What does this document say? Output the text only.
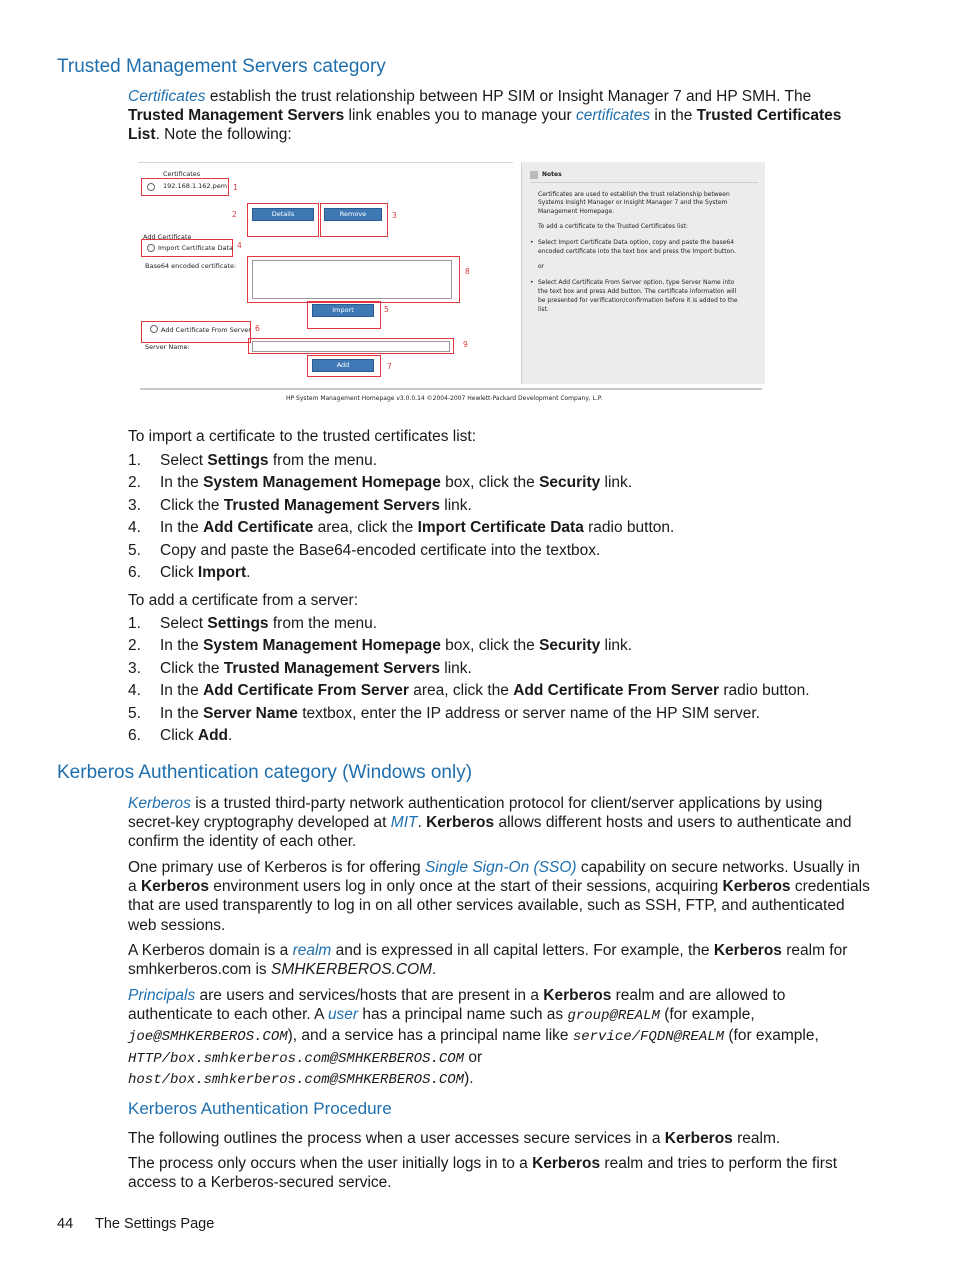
Trusted Management Servers category

Certificates establish the trust relationship between HP SIM or Insight Manager 7 and HP SMH. The Trusted Management Servers link enables you to manage your certificates in the Trusted Certificates List. Note the following:

Certificates
192.168.1.162.pem 1
2	Details	Remove	3
Add Certificate
Import Certificate Data 4
Base64 encoded certificate:
8
Import	5
Add Certificate From Server 6
Server Name:	9
Add	7
Notes
Certificates are used to establish the trust relationship between
Systems Insight Manager or Insight Manager 7 and the System
Management Homepage.
To add a certificate to the Trusted Certificates list:
• Select Import Certificate Data option, copy and paste the base64
encoded certificate into the text box and press the Import button.
or
• Select Add Certificate From Server option, type Server Name into
the text box and press Add button. The certificate information will
be presented for verification/confirmation before it is added to the
list.
HP System Management Homepage v3.0.0.14 ©2004-2007 Hewlett-Packard Development Company, L.P.

To import a certificate to the trusted certificates list:

1. Select Settings from the menu.
2. In the System Management Homepage box, click the Security link.
3. Click the Trusted Management Servers link.
4. In the Add Certificate area, click the Import Certificate Data radio button.
5. Copy and paste the Base64-encoded certificate into the textbox.
6. Click Import.

To add a certificate from a server:

1. Select Settings from the menu.
2. In the System Management Homepage box, click the Security link.
3. Click the Trusted Management Servers link.
4. In the Add Certificate From Server area, click the Add Certificate From Server radio button.
5. In the Server Name textbox, enter the IP address or server name of the HP SIM server.
6. Click Add.
Kerberos Authentication category (Windows only)

Kerberos is a trusted third-party network authentication protocol for client/server applications by using secret-key cryptography developed at MIT. Kerberos allows different hosts and users to authenticate and confirm the identity of each other.

One primary use of Kerberos is for offering Single Sign-On (SSO) capability on secure networks. Usually in a Kerberos environment users log in only once at the start of their sessions, acquiring Kerberos credentials that are used transparently to log in on all other services available, such as SSH, FTP, and authenticated web sessions.

A Kerberos domain is a realm and is expressed in all capital letters. For example, the Kerberos realm for smhkerberos.com is SMHKERBEROS.COM.

Principals are users and services/hosts that are present in a Kerberos realm and are allowed to authenticate to each other. A user has a principal name such as group@REALM (for example, joe@SMHKERBEROS.COM), and a service has a principal name like service/FQDN@REALM (for example,
HTTP/box.smhkerberos.com@SMHKERBEROS.COM or
host/box.smhkerberos.com@SMHKERBEROS.COM).

Kerberos Authentication Procedure

The following outlines the process when a user accesses secure services in a Kerberos realm.

The process only occurs when the user initially logs in to a Kerberos realm and tries to perform the first access to a Kerberos-secured service.

44 The Settings Page
